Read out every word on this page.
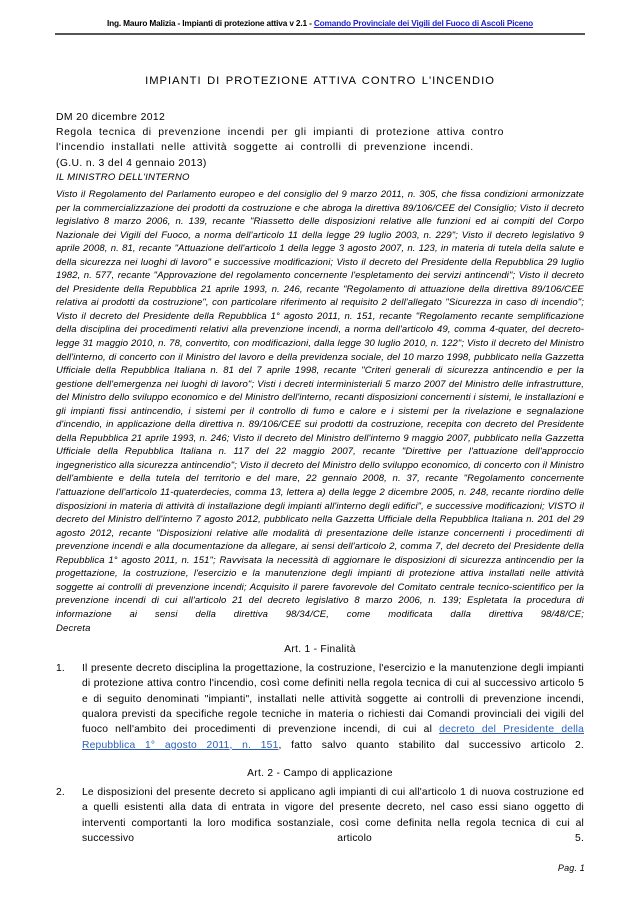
Ing. Mauro Malizia - Impianti di protezione attiva v 2.1 - Comando Provinciale dei Vigili del Fuoco di Ascoli Piceno
IMPIANTI DI PROTEZIONE ATTIVA CONTRO L'INCENDIO
DM 20 dicembre 2012
Regola tecnica di prevenzione incendi per gli impianti di protezione attiva contro
l'incendio installati nelle attività soggette ai controlli di prevenzione incendi.
(G.U. n. 3 del 4 gennaio 2013)
IL MINISTRO DELL'INTERNO
Visto il Regolamento del Parlamento europeo e del consiglio del 9 marzo 2011, n. 305, che fissa condizioni armonizzate per la commercializzazione dei prodotti da costruzione e che abroga la direttiva 89/106/CEE del Consiglio; Visto il decreto legislativo 8 marzo 2006, n. 139, recante "Riassetto delle disposizioni relative alle funzioni ed ai compiti del Corpo Nazionale dei Vigili del Fuoco, a norma dell'articolo 11 della legge 29 luglio 2003, n. 229"; Visto il decreto legislativo 9 aprile 2008, n. 81, recante "Attuazione dell'articolo 1 della legge 3 agosto 2007, n. 123, in materia di tutela della salute e della sicurezza nei luoghi di lavoro" e successive modificazioni; Visto il decreto del Presidente della Repubblica 29 luglio 1982, n. 577, recante "Approvazione del regolamento concernente l'espletamento dei servizi antincendi"; Visto il decreto del Presidente della Repubblica 21 aprile 1993, n. 246, recante "Regolamento di attuazione della direttiva 89/106/CEE relativa ai prodotti da costruzione", con particolare riferimento al requisito 2 dell'allegato "Sicurezza in caso di incendio"; Visto il decreto del Presidente della Repubblica 1° agosto 2011, n. 151, recante "Regolamento recante semplificazione della disciplina dei procedimenti relativi alla prevenzione incendi, a norma dell'articolo 49, comma 4-quater, del decreto-legge 31 maggio 2010, n. 78, convertito, con modificazioni, dalla legge 30 luglio 2010, n. 122"; Visto il decreto del Ministro dell'interno, di concerto con il Ministro del lavoro e della previdenza sociale, del 10 marzo 1998, pubblicato nella Gazzetta Ufficiale della Repubblica Italiana n. 81 del 7 aprile 1998, recante "Criteri generali di sicurezza antincendio e per la gestione dell'emergenza nei luoghi di lavoro"; Visti i decreti interministeriali 5 marzo 2007 del Ministro delle infrastrutture, del Ministro dello sviluppo economico e del Ministro dell'interno, recanti disposizioni concernenti i sistemi, le installazioni e gli impianti fissi antincendio, i sistemi per il controllo di fumo e calore e i sistemi per la rivelazione e segnalazione d'incendio, in applicazione della direttiva n. 89/106/CEE sui prodotti da costruzione, recepita con decreto del Presidente della Repubblica 21 aprile 1993, n. 246; Visto il decreto del Ministro dell'interno 9 maggio 2007, pubblicato nella Gazzetta Ufficiale della Repubblica Italiana n. 117 del 22 maggio 2007, recante "Direttive per l'attuazione dell'approccio ingegneristico alla sicurezza antincendio"; Visto il decreto del Ministro dello sviluppo economico, di concerto con il Ministro dell'ambiente e della tutela del territorio e del mare, 22 gennaio 2008, n. 37, recante "Regolamento concernente l'attuazione dell'articolo 11-quaterdecies, comma 13, lettera a) della legge 2 dicembre 2005, n. 248, recante riordino delle disposizioni in materia di attività di installazione degli impianti all'interno degli edifici", e successive modificazioni; VISTO il decreto del Ministro dell'interno 7 agosto 2012, pubblicato nella Gazzetta Ufficiale della Repubblica Italiana n. 201 del 29 agosto 2012, recante "Disposizioni relative alle modalità di presentazione delle istanze concernenti i procedimenti di prevenzione incendi e alla documentazione da allegare, ai sensi dell'articolo 2, comma 7, del decreto del Presidente della Repubblica 1° agosto 2011, n. 151"; Ravvisata la necessità di aggiornare le disposizioni di sicurezza antincendio per la progettazione, la costruzione, l'esercizio e la manutenzione degli impianti di protezione attiva installati nelle attività soggette ai controlli di prevenzione incendi; Acquisito il parere favorevole del Comitato centrale tecnico-scientifico per la prevenzione incendi di cui all'articolo 21 del decreto legislativo 8 marzo 2006, n. 139; Espletata la procedura di informazione ai sensi della direttiva 98/34/CE, come modificata dalla direttiva 98/48/CE;
Decreta
Art. 1 - Finalità
1.	Il presente decreto disciplina la progettazione, la costruzione, l'esercizio e la manutenzione degli impianti di protezione attiva contro l'incendio, così come definiti nella regola tecnica di cui al successivo articolo 5 e di seguito denominati "impianti", installati nelle attività soggette ai controlli di prevenzione incendi, qualora previsti da specifiche regole tecniche in materia o richiesti dai Comandi provinciali dei vigili del fuoco nell'ambito dei procedimenti di prevenzione incendi, di cui al decreto del Presidente della Repubblica 1° agosto 2011, n. 151, fatto salvo quanto stabilito dal successivo articolo 2.
Art. 2 - Campo di applicazione
2.	Le disposizioni del presente decreto si applicano agli impianti di cui all'articolo 1 di nuova costruzione ed a quelli esistenti alla data di entrata in vigore del presente decreto, nel caso essi siano oggetto di interventi comportanti la loro modifica sostanziale, così come definita nella regola tecnica di cui al successivo articolo 5.
Pag. 1
